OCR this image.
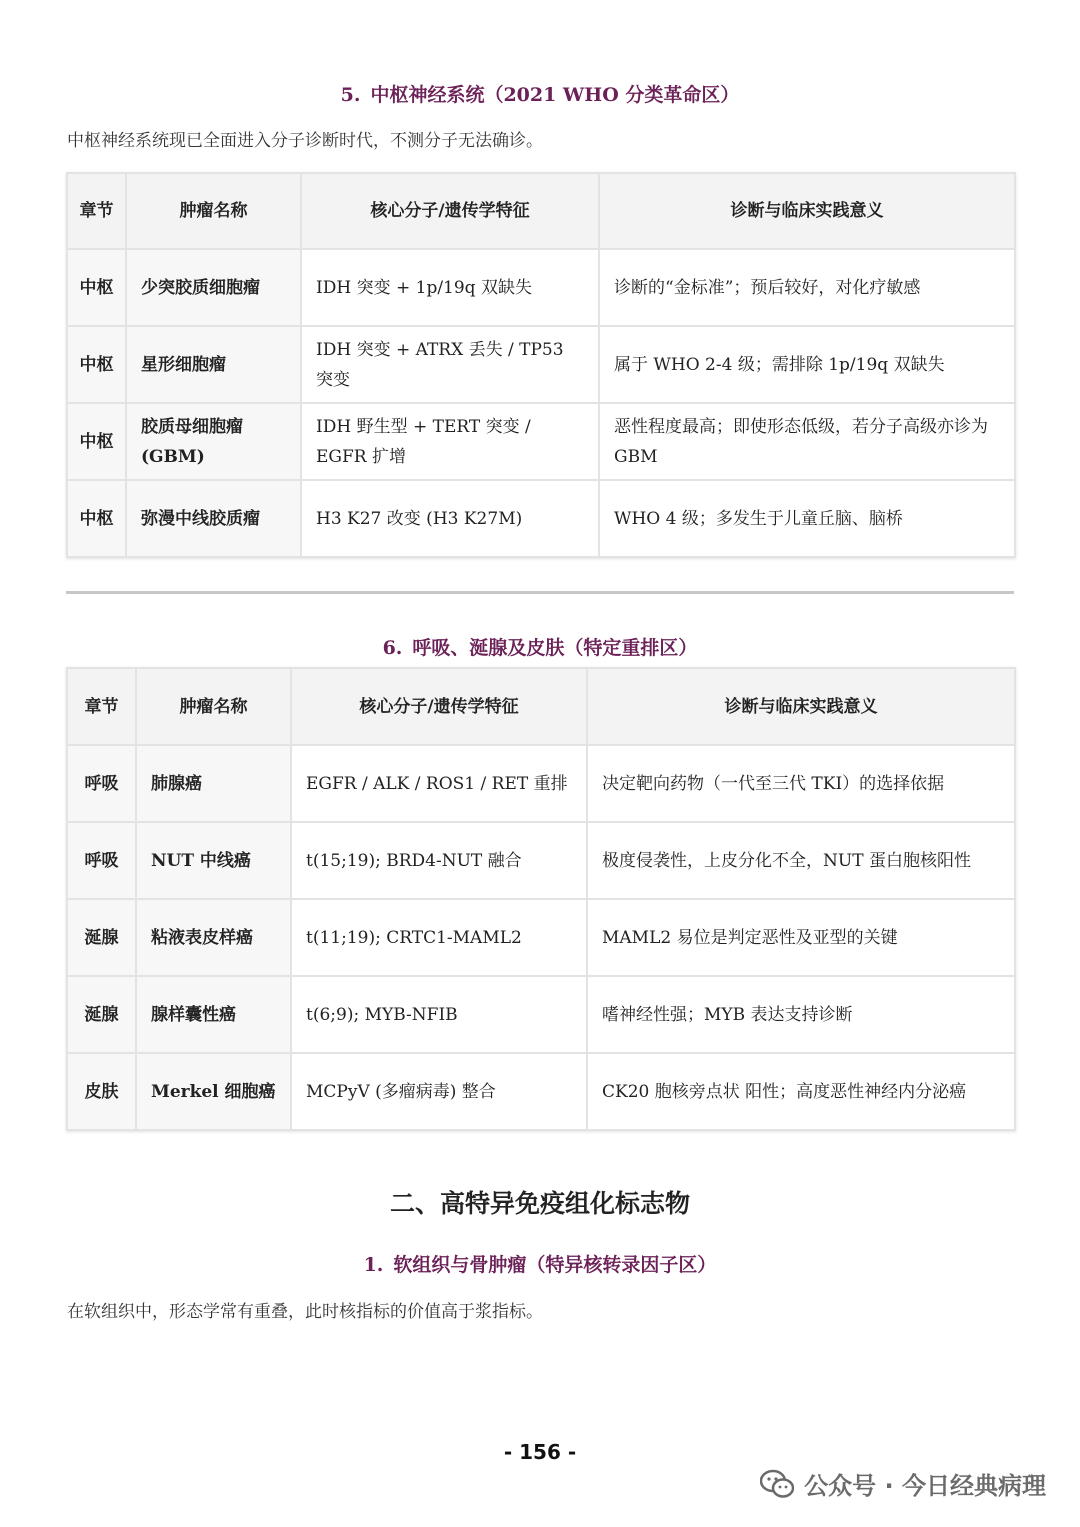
5. 中枢神经系统（2021 WHO 分类革命区）

中枢神经系统现已全面进入分子诊断时代，不测分子无法确诊。

章节	肿瘤名称	核心分子/遗传学特征	诊断与临床实践意义
中枢	少突胶质细胞瘤	IDH 突变 + 1p/19q 双缺失	诊断的“金标准”；预后较好，对化疗敏感
中枢	星形细胞瘤	IDH 突变 + ATRX 丢失 / TP53 突变	属于 WHO 2-4 级；需排除 1p/19q 双缺失
中枢	胶质母细胞瘤 (GBM)	IDH 野生型 + TERT 突变 / EGFR 扩增	恶性程度最高；即使形态低级，若分子高级亦诊为 GBM
中枢	弥漫中线胶质瘤	H3 K27 改变 (H3 K27M)	WHO 4 级；多发生于儿童丘脑、脑桥
6. 呼吸、涎腺及皮肤（特定重排区）
章节	肿瘤名称	核心分子/遗传学特征	诊断与临床实践意义
呼吸	肺腺癌	EGFR / ALK / ROS1 / RET 重排	决定靶向药物（一代至三代 TKI）的选择依据
呼吸	NUT 中线癌	t(15;19); BRD4-NUT 融合	极度侵袭性，上皮分化不全，NUT 蛋白胞核阳性
涎腺	粘液表皮样癌	t(11;19); CRTC1-MAML2	MAML2 易位是判定恶性及亚型的关键
涎腺	腺样囊性癌	t(6;9); MYB-NFIB	嗜神经性强；MYB 表达支持诊断
皮肤	Merkel 细胞癌	MCPyV (多瘤病毒) 整合	CK20 胞核旁点状 阳性；高度恶性神经内分泌癌
二、高特异免疫组化标志物
1. 软组织与骨肿瘤（特异核转录因子区）

在软组织中，形态学常有重叠，此时核指标的价值高于浆指标。

- 156 -
公众号 · 今日经典病理
